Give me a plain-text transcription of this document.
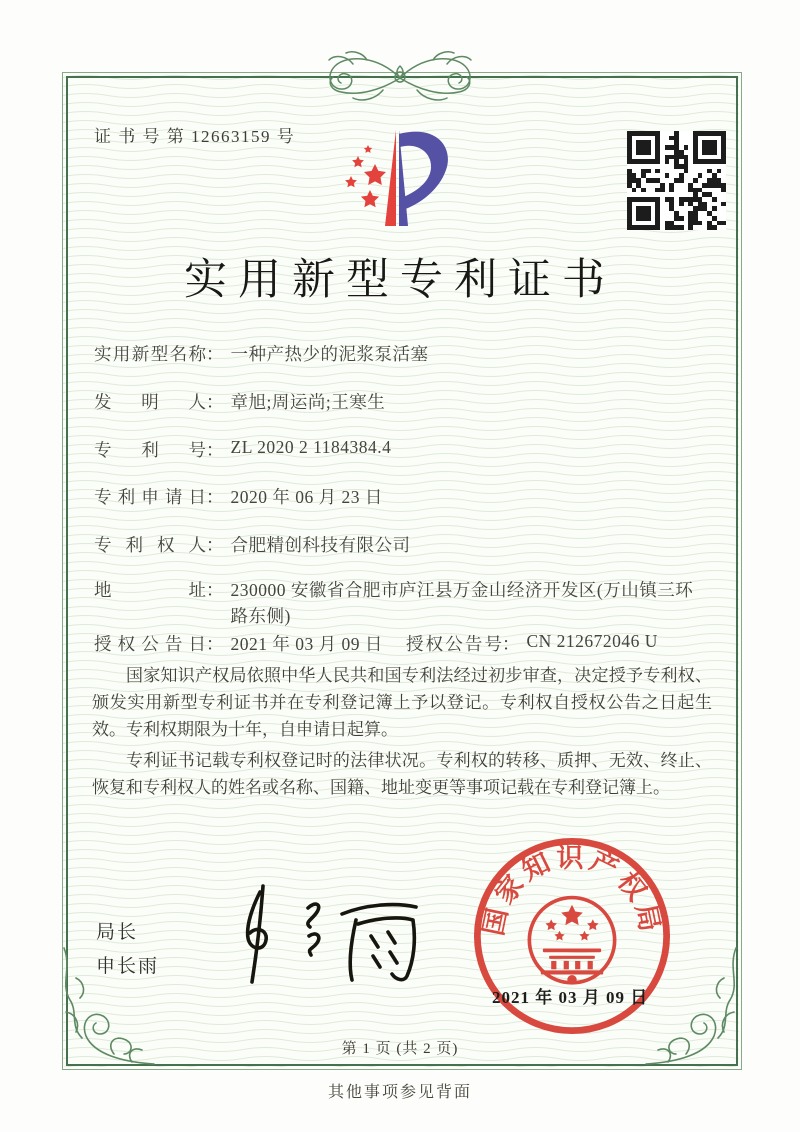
证 书 号 第 12663159 号
实用新型专利证书
实用新型名称： 一种产热少的泥浆泵活塞
发明人： 章旭;周运尚;王寒生
专利号： ZL 2020 2 1184384.4
专利申请日： 2020 年 06 月 23 日
专利权人： 合肥精创科技有限公司
地址： 230000 安徽省合肥市庐江县万金山经济开发区(万山镇三环路东侧)
授权公告日： 2021 年 03 月 09 日 授权公告号： CN 212672046 U

国家知识产权局依照中华人民共和国专利法经过初步审查，决定授予专利权、颁发实用新型专利证书并在专利登记簿上予以登记。专利权自授权公告之日起生效。专利权期限为十年，自申请日起算。

专利证书记载专利权登记时的法律状况。专利权的转移、质押、无效、终止、恢复和专利权人的姓名或名称、国籍、地址变更等事项记载在专利登记簿上。

局长
申长雨
国家知识产权局
2021 年 03 月 09 日
第 1 页 (共 2 页)
其他事项参见背面
